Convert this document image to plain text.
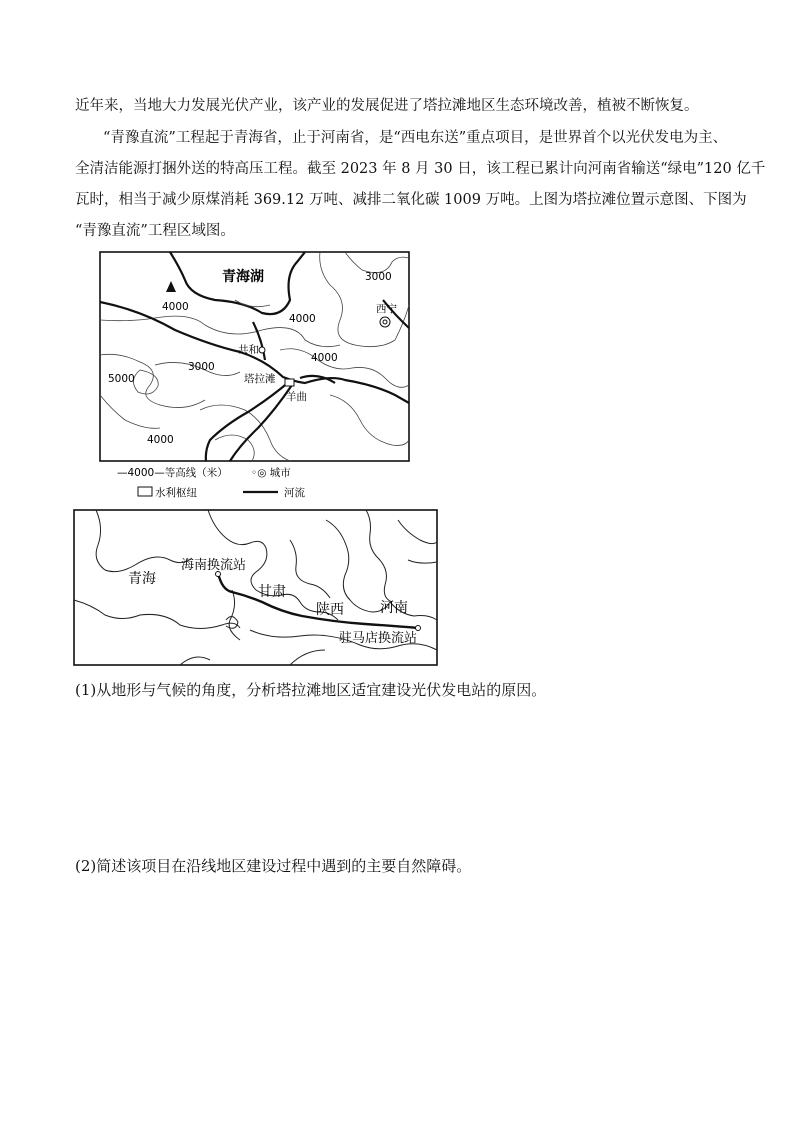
近年来，当地大力发展光伏产业，该产业的发展促进了塔拉滩地区生态环境改善，植被不断恢复。
“青豫直流”工程起于青海省，止于河南省，是“西电东送”重点项目，是世界首个以光伏发电为主、
全清洁能源打捆外送的特高压工程。截至 2023 年 8 月 30 日，该工程已累计向河南省输送“绿电”120 亿千
瓦时，相当于减少原煤消耗 369.12 万吨、减排二氧化碳 1009 万吨。上图为塔拉滩位置示意图、下图为
“青豫直流”工程区域图。
青海湖
4000
3000
4000
4000
3000
5000
4000
西宁
共和
塔拉滩
羊曲
—4000—等高线（米） ◦◎ 城市
水利枢纽	河流
青海
甘肃
陕西	河南
海南换流站
驻马店换流站
(1)从地形与气候的角度，分析塔拉滩地区适宜建设光伏发电站的原因。
(2)简述该项目在沿线地区建设过程中遇到的主要自然障碍。
